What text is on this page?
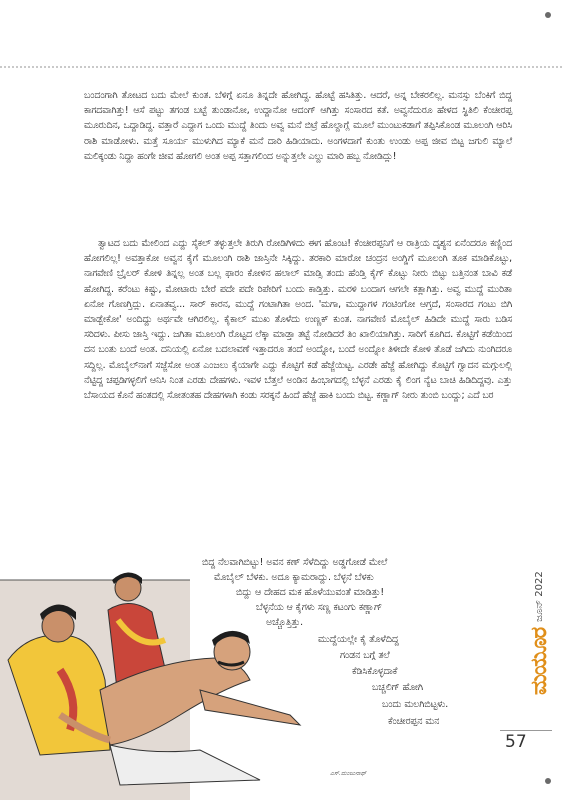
ಬಂದಂಗಾಗಿ ತೋಟದ ಬದು ಮೇಲೆ ಕುಂತ. ಬೆಳಿಗ್ಗೆ ಏನೂ ತಿನ್ನದೇ ಹೋಗಿದ್ದ. ಹೊಟ್ಟೆ ಹಸಿತಿತ್ತು. ಆದರೆ, ಅನ್ನ ಬೇಕರಲಿಲ್ಲ. ಮನಸ್ಸು ಬೆಂಕಿಗೆ ಬಿದ್ದ ಕಾಗದವಾಗಿತ್ತು! ಆಸೆ ಪಟ್ಟು ತಗಂಡ ಬಟ್ಟೆ ತುಂಡಾನೋ, ಉದ್ದಾನೋ ಆದಂಗ್ ಆಗಿತ್ತು ಸಂಸಾರದ ಕತೆ. ಅವ್ವನೆದುರೂ ಹೇಳದ ಸ್ಥಿತಿಲಿ ಕೆಂಚೀರಪ್ಪ ಮೂರುದಿನ, ಒದ್ದಾಡಿದ್ದ. ವತ್ತಾರೆ ಎದ್ದಾಗ ಒಂದು ಮುದ್ದೆ ತಿಂದು ಅವ್ವ ಮನೆ ಬಿಟ್ರೆ ಹೊಲ್ದಾಗ್ಲೆ ಮೂಲೆ ಮುಂಟುಕಡಾಗೆ ತಪ್ಪಿಸಿಕೊಂಡ ಮೂಲಂಗಿ ಆರಿಸಿ ರಾಶಿ ಮಾಡೋಳು. ಮತ್ತೆ ಸೂರ್ಯ ಮುಳುಗಿದ ಮ್ಯಾಕೆ ಮನೆ ದಾರಿ ಹಿಡಿಯಾದು. ಅಂಗಳದಾಗೆ ಕುಂತು ಉಂಡು ಅಪ್ಪ ಜೀವ ಬಿಟ್ಟ ಜಗುಲಿ ಮ್ಯಾಲೆ ಮಲಿಕ್ಕಂಡು ನಿದ್ದಾ ಹಂಗೇ ಜೀವ ಹೋಗಲಿ ಅಂತ ಅಪ್ಪ ಸತ್ತಾಗಲಿಂದ ಅನ್ನುತ್ತಲೇ ಎಲ್ದು ಮಾರಿ ಹಬ್ಬ ನೋಡಿದ್ಲು!

ತ್ವಾಟದ ಬದು ಮೇಲಿಂದ ಎದ್ದು ಸೈಕಲ್ ತಳ್ಳುತ್ತಲೇ ತಿರುಗಿ ರೋಡಿಗಿಳಿದು ಈಗ ಹೊಂಟ! ಕೆಂಚೀರಪ್ಪನಿಗೆ ಆ ರಾತ್ರಿಯ ದೃಶ್ಯನ ಏನೆಂದರೂ ಕಣ್ಣಿಂದ ಹೋಗಲಿಲ್ಲ! ಅವತ್ತಾಕೋ ಅವ್ವನ ಕೈಗೆ ಮೂಲಂಗಿ ರಾಶಿ ಜಾಸ್ತಿನೇ ಸಿಕ್ಕಿದ್ದು. ತರಕಾರಿ ಮಾರೋ ಚಂದ್ರನ ಅಂಗ್ಡಿಗೆ ಮೂಲಂಗಿ ತೂಕ ಮಾಡಿಕೊಟ್ಟು, ನಾಗವೇಣಿ ಬ್ರೈಲರ್ ಕೋಳಿ ತಿನ್ನಲ್ಲ ಅಂತ ಬಲ್ಲ ಫಾರಂ ಕೋಳಿನ ಹಲಾಲ್ ಮಾಡ್ಸಿ ತಂದು ಹೆಂಡ್ತಿ ಕೈಗ್ ಕೊಟ್ಟು ನೀರು ಬಿಟ್ಟು ಬತ್ತಿನಂತ ಬಾವಿ ಕಡೆ ಹೋಗಿದ್ದ. ಕರೆಂಟು ಕಿಷ್ಟು, ಮೋಟಾರು ಬೇರೆ ಪದೇ ಪದೇ ರಿಪೇರಿಗೆ ಬಂದು ಕಾಡ್ತಿತ್ತು. ಮರಳಿ ಬಂದಾಗ ಆಗಲೇ ಕತ್ಲಾಗಿತ್ತು. ಅವ್ವ ಮುದ್ದೆ ಮುರಿತಾ ಏನೋ ಗೊಣಗ್ತಿದ್ಲು. ಏನಾತವ್ವ... ಸಾರ್ ಕಾರನ, ಮುದ್ದೆ ಗಂಟಾಗಿತಾ ಅಂದ. 'ಮಗಾ, ಮುದ್ದಾಗಳ ಗಂಟಿಂಗೋ ಆಗ್ತದೆ, ಸಂಸಾರದ ಗಂಟು ಬಿಗಿ ಮಾಡ್ಬೇಕೋ' ಅಂದಿದ್ದು ಅರ್ಥವೇ ಆಗಿರಲಿಲ್ಲ. ಕೈಕಾಲ್ ಮುಖ ತೊಳೆದು ಉಣ್ಣಕ್ ಕುಂತ. ನಾಗವೇಣಿ ಮೊಬೈಲ್ ಹಿಡಿದೇ ಮುದ್ದೆ ಸಾರು ಬಡಿಸ ಸರಿದಳು. ಪೀಸು ಜಾಸ್ತಿ ಇದ್ದು. ಜಗಿತಾ ಮೂಲಂಗಿ ರೊಟ್ಟದ ಲೆಕ್ಕಾ ಮಾಡ್ತಾ ತಟ್ಟೆ ನೋಡಿದರೆ ತಿಂ ಖಾಲಿಯಾಗಿತ್ತು. ಸಾರಿಗೆ ಕೂಗಿದ. ಕೊಟ್ಟಿಗೆ ಕಡೆಯಿಂದ ದನ ಬಂತು ಬಂದೆ ಅಂತ. ದನಿಯಲ್ಲಿ ಏನೋ ಬದಲಾವಣೆ ಇತ್ತಾದರೂ ತಂದೆ ಅಂದ್ನೋ, ಬಂದೆ ಅಂದ್ನೋ ತಿಳೀದೇ ಕೋಳಿ ತೊಡೆ ಜಗಿದು ನುಂಗಿದರೂ ಸದ್ದಿಲ್ಲ. ಮೊಬೈಲ್‌ನಾಗೆ ಸಜ್ಜೆಸೋ ಅಂತ ಎಂಜಲು ಕೈಯಾಗೇ ಎದ್ದು ಕೊಟ್ಟಿಗೆ ಕಡೆ ಹೆಜ್ಜೆಯಿಟ್ಟ. ಎರಡೇ ಹೆಜ್ಜೆ ಹೋಗಿದ್ದು ಕೊಟ್ಟಿಗೆ ಗ್ವಾದನ ಮಗ್ಗುಲಲ್ಲಿ ನೆಟ್ಟಿದ್ದ ಚಪ್ಪಡಿಗಳ್ಳಲಿಗೆ ಆನಿಸಿ ನಿಂತ ಎರಡು ದೇಹಗಳು. ಇವಳ ಬೆತ್ತಲೆ ಅಂಡಿನ ಹಿಂಭಾಗದಲ್ಲಿ ಬೆಳ್ಳನೆ ಎರಡು ಕೈ ಲಿಂಗ ನ್ಯೆಟ ಬಾಚಿ ಹಿಡಿದಿದ್ದವು. ಎತ್ತು ಬೆಸಾಯದ ಕೊನೆ ಹಂತದಲ್ಲಿ ಸೋತಂತಹ ದೇಹಗಳಾಗಿ ಕಂಡು ಸರಕ್ಕನೆ ಹಿಂದೆ ಹೆಜ್ಜೆ ಹಾಕಿ ಬಂದು ಬಿಟ್ಟ. ಕಣ್ಣಾಗ್ ನೀರು ತುಂಬಿ ಬಂದ್ದು; ಎದೆ ಬರ

ಬಿದ್ದ ನೆಲವಾಗಿಬಿಟ್ಟು! ಅವನ ಕಣ್ ಸೆಳೆದಿದ್ದು ಅಡ್ಡಗೋಡೆ ಮೇಲೆ

ಮೊಬೈಲ್ ಬೆಳಕು. ಅದೂ ಕ್ಯಾಮರಾದ್ದು. ಬೆಳ್ಳನೆ ಬೆಳಕು

ಬಿದ್ದು ಆ ದೇಹದ ಮಕ ಹೊಳೆಯುವಂತೆ ಮಾಡಿತ್ತು!

ಬೆಳ್ಳನೆಯ ಆ ಕೈಗಳು ಸಣ್ಣ ಕಟಂಗು ಕಣ್ಣಾಗ್

ಅಚ್ಚೊತ್ತಿತ್ತು.

ಮುದ್ದೆಯಲ್ಲೇ ಕೈ ತೊಳೆದಿದ್ದ

ಗಂಡನ ಬಗ್ಗೆ ತಲೆ

ಕೆಡಿಸಿಕೊಳ್ಳದಾಕೆ

ಬಚ್ಚಲಿಗ್ ಹೋಗಿ

ಬಂದು ಮಲಗಿಬಿಟ್ಟಳು.

ಕೆಂಚೀರಪ್ಪನ ಮನ

ಎಸ್.ಮಂಜುನಾಥ್
ಮಯೂರ
ಜೂನ್ 2022
57
